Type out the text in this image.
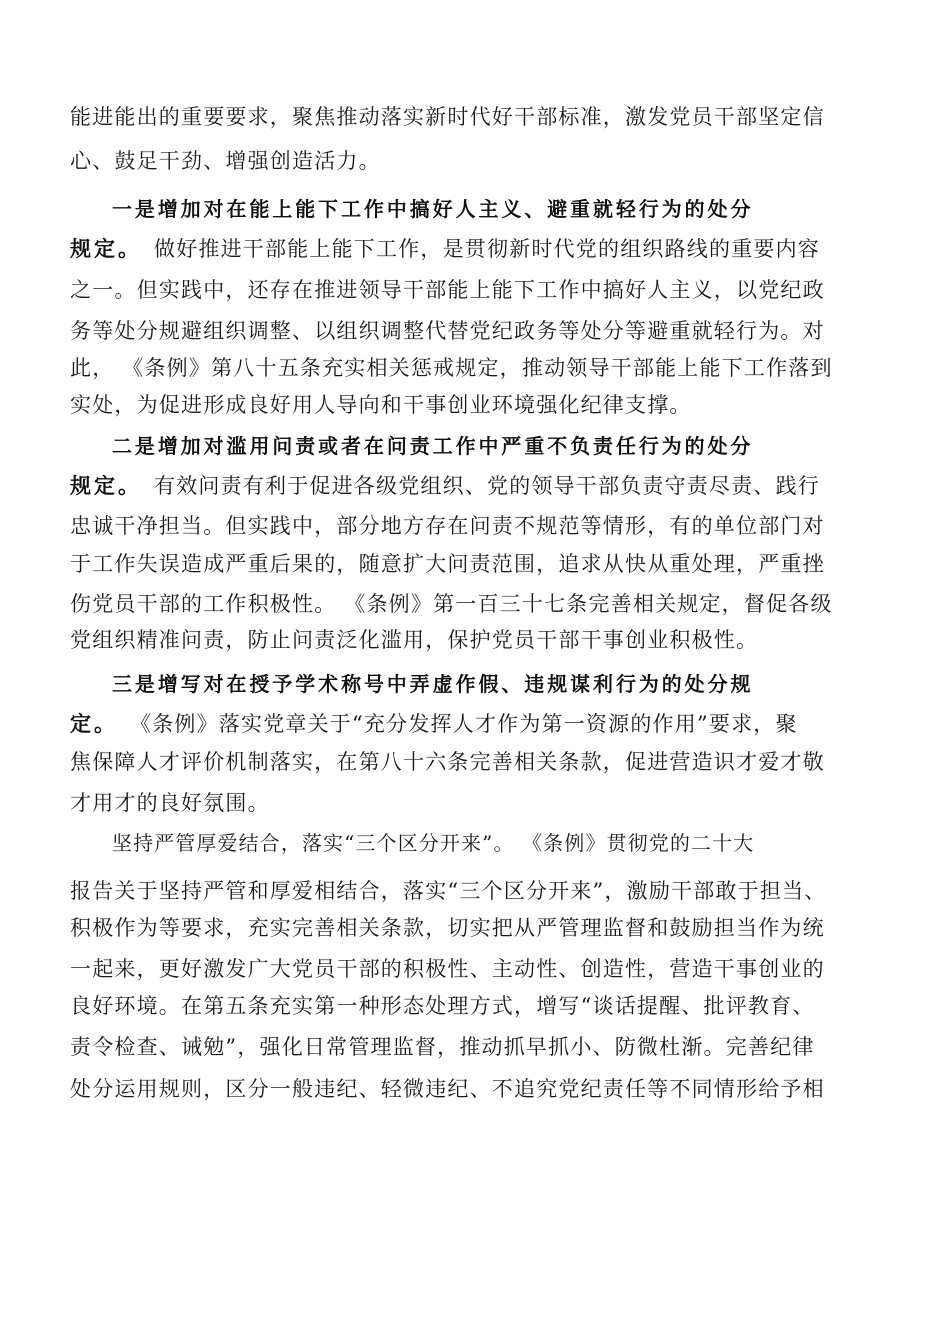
能进能出的重要要求，聚焦推动落实新时代好干部标准，激发党员干部坚定信
心、鼓足干劲、增强创造活力。
一是增加对在能上能下工作中搞好人主义、避重就轻行为的处分
规定。 做好推进干部能上能下工作，是贯彻新时代党的组织路线的重要内容
之一。但实践中，还存在推进领导干部能上能下工作中搞好人主义，以党纪政
务等处分规避组织调整、以组织调整代替党纪政务等处分等避重就轻行为。对
此， 《条例》第八十五条充实相关惩戒规定，推动领导干部能上能下工作落到
实处，为促进形成良好用人导向和干事创业环境强化纪律支撑。
二是增加对滥用问责或者在问责工作中严重不负责任行为的处分
规定。 有效问责有利于促进各级党组织、党的领导干部负责守责尽责、践行
忠诚干净担当。但实践中，部分地方存在问责不规范等情形，有的单位部门对
于工作失误造成严重后果的，随意扩大问责范围，追求从快从重处理，严重挫
伤党员干部的工作积极性。 《条例》第一百三十七条完善相关规定，督促各级
党组织精准问责，防止问责泛化滥用，保护党员干部干事创业积极性。
三是增写对在授予学术称号中弄虚作假、违规谋利行为的处分规
定。 《条例》落实党章关于“充分发挥人才作为第一资源的作用”要求，聚
焦保障人才评价机制落实，在第八十六条完善相关条款，促进营造识才爱才敬
才用才的良好氛围。
坚持严管厚爱结合，落实“三个区分开来”。 《条例》贯彻党的二十大
报告关于坚持严管和厚爱相结合，落实“三个区分开来”，激励干部敢于担当、
积极作为等要求，充实完善相关条款，切实把从严管理监督和鼓励担当作为统
一起来，更好激发广大党员干部的积极性、主动性、创造性，营造干事创业的
良好环境。在第五条充实第一种形态处理方式，增写“谈话提醒、批评教育、
责令检查、诫勉”，强化日常管理监督，推动抓早抓小、防微杜渐。完善纪律
处分运用规则，区分一般违纪、轻微违纪、不追究党纪责任等不同情形给予相
